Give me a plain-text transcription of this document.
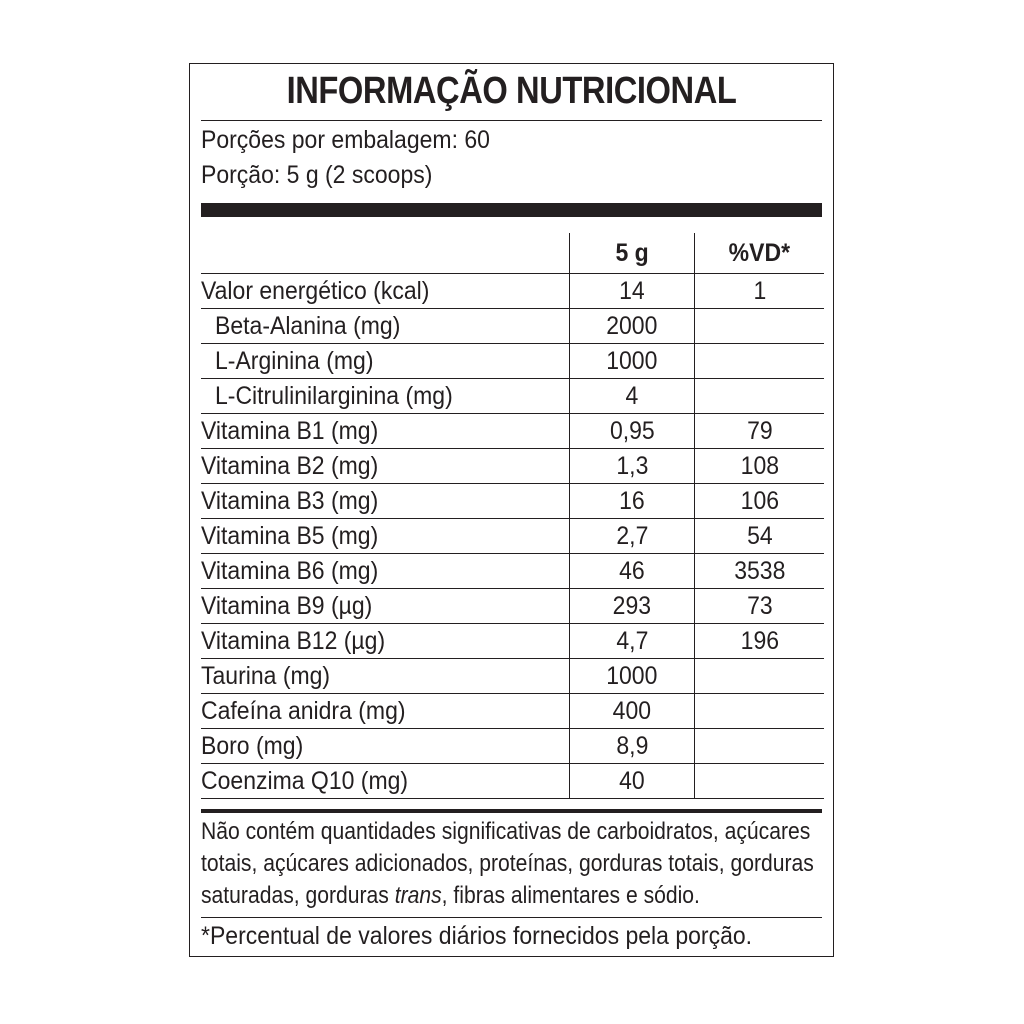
INFORMAÇÃO NUTRICIONAL
Porções por embalagem: 60
Porção: 5 g (2 scoops)
	5 g	%VD*
Valor energético (kcal)	14	1
Beta-Alanina (mg)	2000	
L-Arginina (mg)	1000	
L-Citrulinilarginina (mg)	4	
Vitamina B1 (mg)	0,95	79
Vitamina B2 (mg)	1,3	108
Vitamina B3 (mg)	16	106
Vitamina B5 (mg)	2,7	54
Vitamina B6 (mg)	46	3538
Vitamina B9 (µg)	293	73
Vitamina B12 (µg)	4,7	196
Taurina (mg)	1000	
Cafeína anidra (mg)	400	
Boro (mg)	8,9	
Coenzima Q10 (mg)	40	
Não contém quantidades significativas de carboidratos, açúcares totais, açúcares adicionados, proteínas, gorduras totais, gorduras saturadas, gorduras trans, fibras alimentares e sódio.
*Percentual de valores diários fornecidos pela porção.
